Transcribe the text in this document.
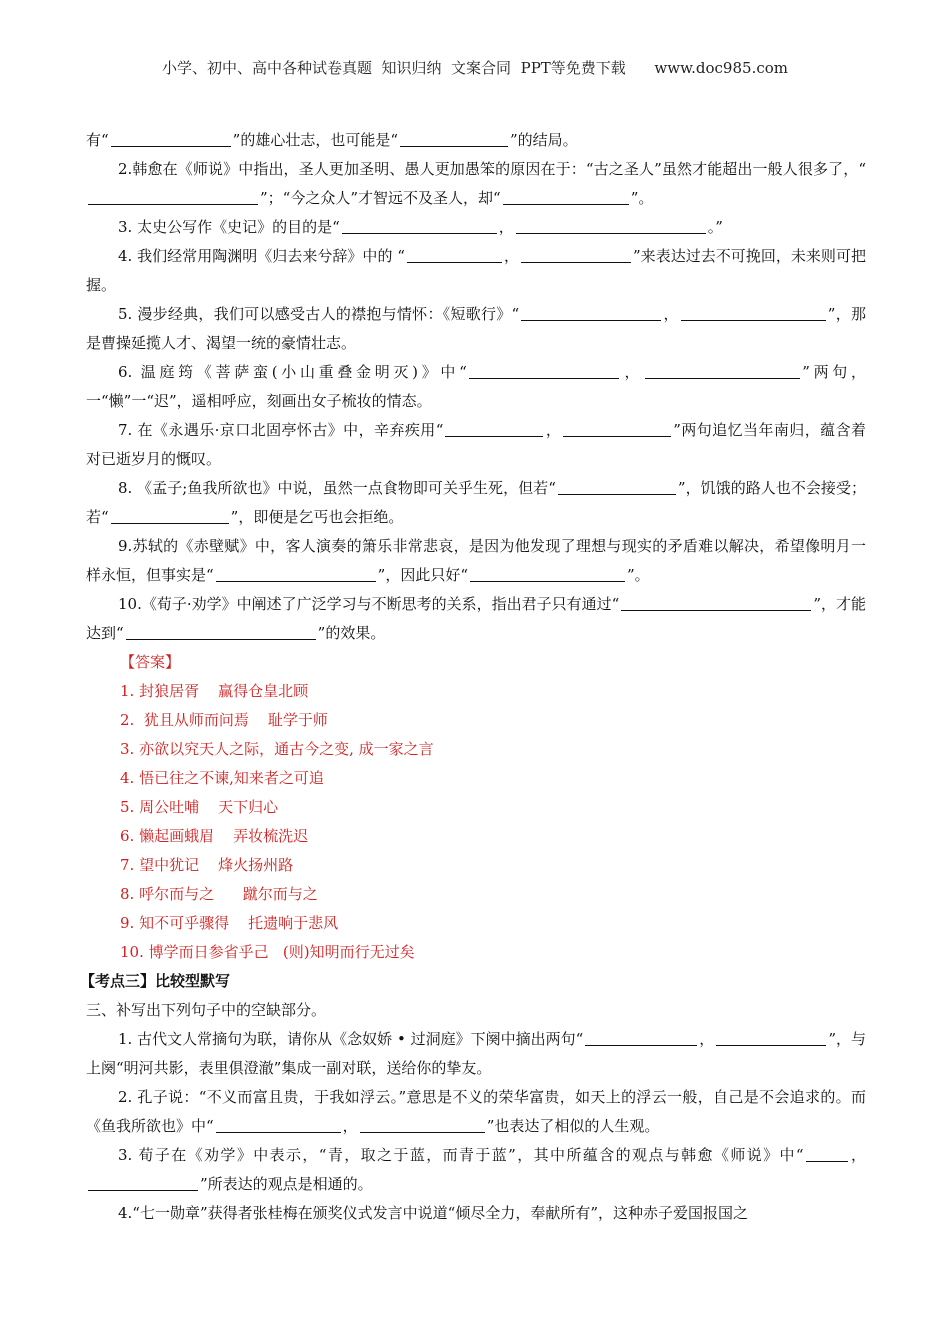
小学、初中、高中各种试卷真题  知识归纳  文案合同  PPT等免费下载      www.doc985.com

有“	”的雄心壮志，也可能是“	”的结局。

2.韩愈在《师说》中指出，圣人更加圣明、愚人更加愚笨的原因在于：“古之圣人”虽然才能超出一般人很多了，“”；“今之众人”才智远不及圣人，却“	”。

3. 太史公写作《史记》的目的是“	，	。”

4. 我们经常用陶渊明《归去来兮辞》中的 “	，	”来表达过去不可挽回，未来则可把握。

5. 漫步经典，我们可以感受古人的襟抱与情怀：《短歌行》“	，	”，那是曹操延揽人才、渴望一统的豪情壮志。

6. 温庭筠《菩萨蛮(小山重叠金明灭)》中“	，	”两句，一“懒”一“迟”，遥相呼应，刻画出女子梳妆的情态。

7. 在《永遇乐·京口北固亭怀古》中，辛弃疾用“	，	”两句追忆当年南归，蕴含着对已逝岁月的慨叹。

8. 《孟子;鱼我所欲也》中说，虽然一点食物即可关乎生死，但若“	”，饥饿的路人也不会接受；若“	”，即便是乞丐也会拒绝。

9.苏轼的《赤壁赋》中，客人演奏的箫乐非常悲哀，是因为他发现了理想与现实的矛盾难以解决，希望像明月一样永恒，但事实是“	”，因此只好“	”。

10.《荀子·劝学》中阐述了广泛学习与不断思考的关系，指出君子只有通过“	”，才能达到“	”的效果。

【答案】
1. 封狼居胥    赢得仓皇北顾
2.  犹且从师而问焉    耻学于师
3. 亦欲以究天人之际，通古今之变, 成一家之言
4. 悟已往之不谏,知来者之可追
5. 周公吐哺    天下归心
6. 懒起画蛾眉    弄妆梳洗迟
7. 望中犹记    烽火扬州路
8. 呼尔而与之      蹴尔而与之
9. 知不可乎骤得    托遗响于悲风
10. 博学而日参省乎己   (则)知明而行无过矣
【考点三】比较型默写

三、补写出下列句子中的空缺部分。

1. 古代文人常摘句为联，请你从《念奴娇 • 过洞庭》下阕中摘出两句“	，	”，与上阕“明河共影，表里俱澄澈”集成一副对联，送给你的挚友。

2. 孔子说：“不义而富且贵，于我如浮云。”意思是不义的荣华富贵，如天上的浮云一般，自己是不会追求的。而《鱼我所欲也》中“	，	”也表达了相似的人生观。

3. 荀子在《劝学》中表示，“青，取之于蓝，而青于蓝”，其中所蕴含的观点与韩愈《师说》中“	，”所表达的观点是相通的。

4.“七一勋章”获得者张桂梅在颁奖仪式发言中说道“倾尽全力，奉献所有”，这种赤子爱国报国之
